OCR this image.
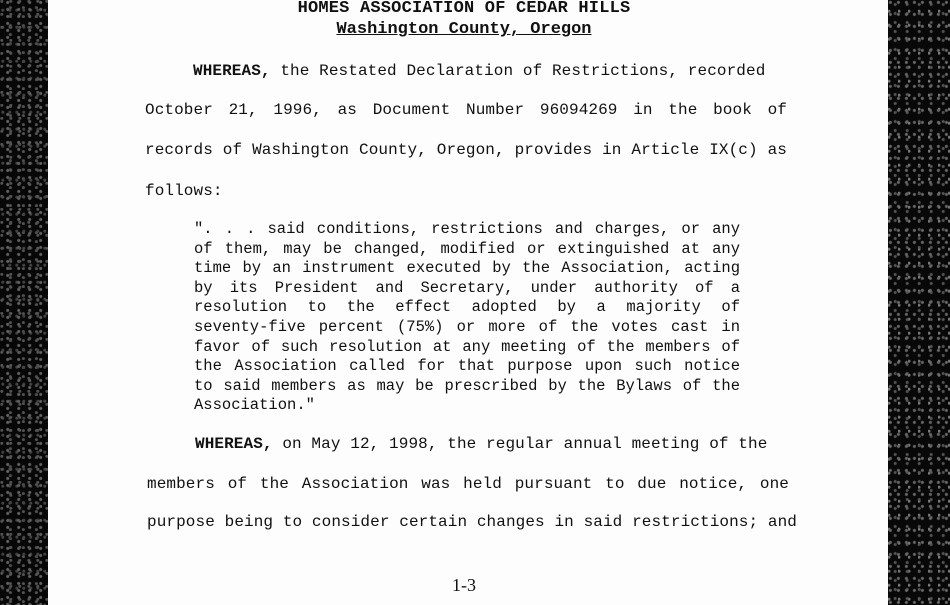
HOMES ASSOCIATION OF CEDAR HILLS
Washington County, Oregon
WHEREAS, the Restated Declaration of Restrictions, recorded
October 21, 1996, as Document Number 96094269 in the book of
records of Washington County, Oregon, provides in Article IX(c) as
follows:
". . . said conditions, restrictions and charges, or any
of them, may be changed, modified or extinguished at any
time by an instrument executed by the Association, acting
by its President and Secretary, under authority of a
resolution to the effect adopted by a majority of
seventy-five percent (75%) or more of the votes cast in
favor of such resolution at any meeting of the members of
the Association called for that purpose upon such notice
to said members as may be prescribed by the Bylaws of the
Association."
WHEREAS, on May 12, 1998, the regular annual meeting of the
members of the Association was held pursuant to due notice, one
purpose being to consider certain changes in said restrictions; and
1-3
